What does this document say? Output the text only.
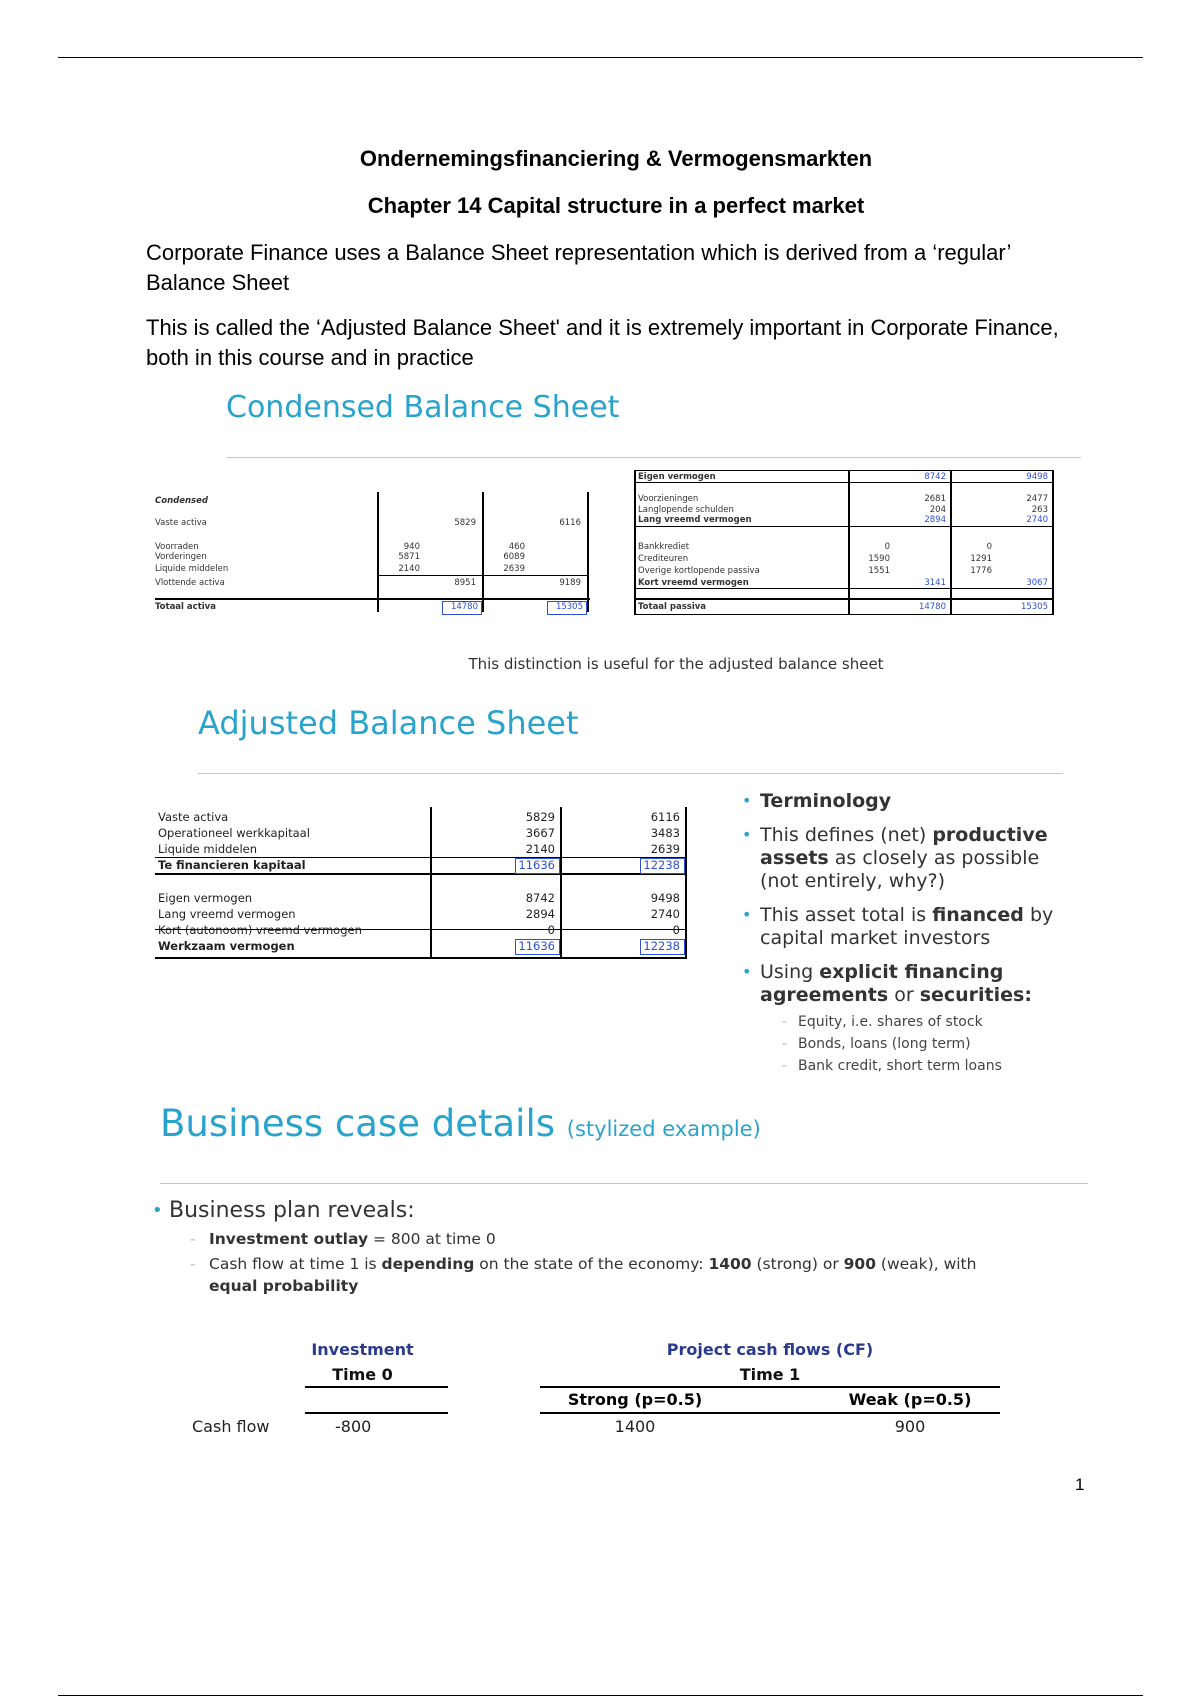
Ondernemingsfinanciering & Vermogensmarkten
Chapter 14 Capital structure in a perfect market
Corporate Finance uses a Balance Sheet representation which is derived from a ‘regular’ Balance Sheet
This is called the ‘Adjusted Balance Sheet' and it is extremely important in Corporate Finance, both in this course and in practice
Condensed Balance Sheet
Condensed
Vaste activa	5829	6116
Voorraden	940	460
Vorderingen	5871	6089
Liquide middelen	2140	2639
Vlottende activa	8951	9189
Totaal activa	14780	15305
Eigen vermogen	8742	9498
Voorzieningen	2681	2477
Langlopende schulden	204	263
Lang vreemd vermogen	2894	2740
Bankkrediet	0	0
Crediteuren	1590	1291
Overige kortlopende passiva	1551	1776
Kort vreemd vermogen	3141	3067
Totaal passiva	14780	15305
This distinction is useful for the adjusted balance sheet
Adjusted Balance Sheet
Vaste activa	5829	6116
Operationeel werkkapitaal	3667	3483
Liquide middelen	2140	2639
Te financieren kapitaal	11636	12238
Eigen vermogen	8742	9498
Lang vreemd vermogen	2894	2740
Kort (autonoom) vreemd vermogen	0	0
Werkzaam vermogen	11636	12238
• Terminology
• This defines (net) productive assets as closely as possible (not entirely, why?)
• This asset total is financed by capital market investors
• Using explicit financing agreements or securities:
- Equity, i.e. shares of stock
- Bonds, loans (long term)
- Bank credit, short term loans
Business case details (stylized example)
• Business plan reveals:
- Investment outlay = 800 at time 0
- Cash flow at time 1 is depending on the state of the economy: 1400 (strong) or 900 (weak), with equal probability
Investment
Time 0
Project cash flows (CF)
Time 1
Strong (p=0.5)	Weak (p=0.5)
Cash flow	-800	1400	900
1
